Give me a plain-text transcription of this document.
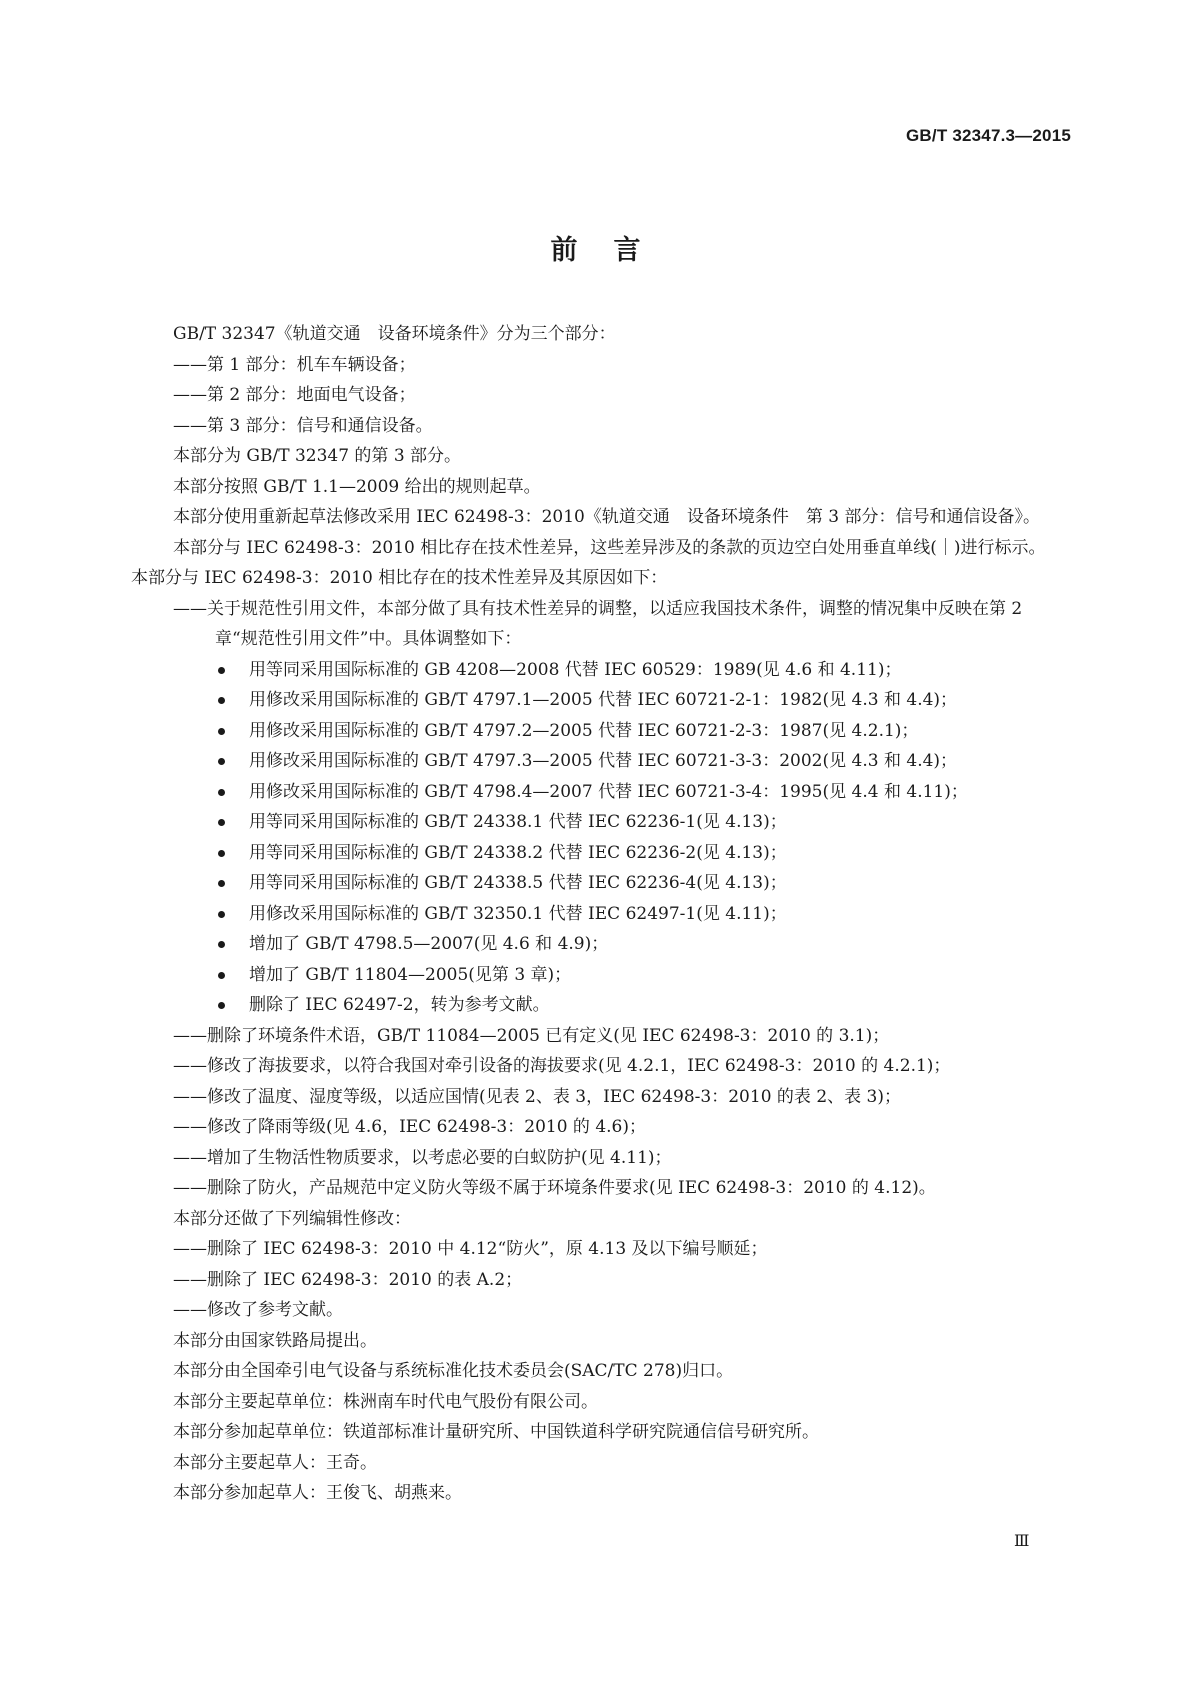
GB/T 32347.3—2015
前言

GB/T 32347《轨道交通　设备环境条件》分为三个部分：

——第 1 部分：机车车辆设备；

——第 2 部分：地面电气设备；

——第 3 部分：信号和通信设备。

本部分为 GB/T 32347 的第 3 部分。

本部分按照 GB/T 1.1—2009 给出的规则起草。

本部分使用重新起草法修改采用 IEC 62498-3：2010《轨道交通　设备环境条件　第 3 部分：信号和通信设备》。

本部分与 IEC 62498-3：2010 相比存在技术性差异，这些差异涉及的条款的页边空白处用垂直单线(｜)进行标示。本部分与 IEC 62498-3：2010 相比存在的技术性差异及其原因如下：

——关于规范性引用文件，本部分做了具有技术性差异的调整，以适应我国技术条件，调整的情况集中反映在第 2 章“规范性引用文件”中。具体调整如下：

用等同采用国际标准的 GB 4208—2008 代替 IEC 60529：1989(见 4.6 和 4.11)；
用修改采用国际标准的 GB/T 4797.1—2005 代替 IEC 60721-2-1：1982(见 4.3 和 4.4)；
用修改采用国际标准的 GB/T 4797.2—2005 代替 IEC 60721-2-3：1987(见 4.2.1)；
用修改采用国际标准的 GB/T 4797.3—2005 代替 IEC 60721-3-3：2002(见 4.3 和 4.4)；
用修改采用国际标准的 GB/T 4798.4—2007 代替 IEC 60721-3-4：1995(见 4.4 和 4.11)；
用等同采用国际标准的 GB/T 24338.1 代替 IEC 62236-1(见 4.13)；
用等同采用国际标准的 GB/T 24338.2 代替 IEC 62236-2(见 4.13)；
用等同采用国际标准的 GB/T 24338.5 代替 IEC 62236-4(见 4.13)；
用修改采用国际标准的 GB/T 32350.1 代替 IEC 62497-1(见 4.11)；
增加了 GB/T 4798.5—2007(见 4.6 和 4.9)；
增加了 GB/T 11804—2005(见第 3 章)；
删除了 IEC 62497-2，转为参考文献。

——删除了环境条件术语，GB/T 11084—2005 已有定义(见 IEC 62498-3：2010 的 3.1)；

——修改了海拔要求，以符合我国对牵引设备的海拔要求(见 4.2.1，IEC 62498-3：2010 的 4.2.1)；

——修改了温度、湿度等级，以适应国情(见表 2、表 3，IEC 62498-3：2010 的表 2、表 3)；

——修改了降雨等级(见 4.6，IEC 62498-3：2010 的 4.6)；

——增加了生物活性物质要求，以考虑必要的白蚁防护(见 4.11)；

——删除了防火，产品规范中定义防火等级不属于环境条件要求(见 IEC 62498-3：2010 的 4.12)。

本部分还做了下列编辑性修改：

——删除了 IEC 62498-3：2010 中 4.12“防火”，原 4.13 及以下编号顺延；

——删除了 IEC 62498-3：2010 的表 A.2；

——修改了参考文献。

本部分由国家铁路局提出。

本部分由全国牵引电气设备与系统标准化技术委员会(SAC/TC 278)归口。

本部分主要起草单位：株洲南车时代电气股份有限公司。

本部分参加起草单位：铁道部标准计量研究所、中国铁道科学研究院通信信号研究所。

本部分主要起草人：王奇。

本部分参加起草人：王俊飞、胡燕来。

Ⅲ
